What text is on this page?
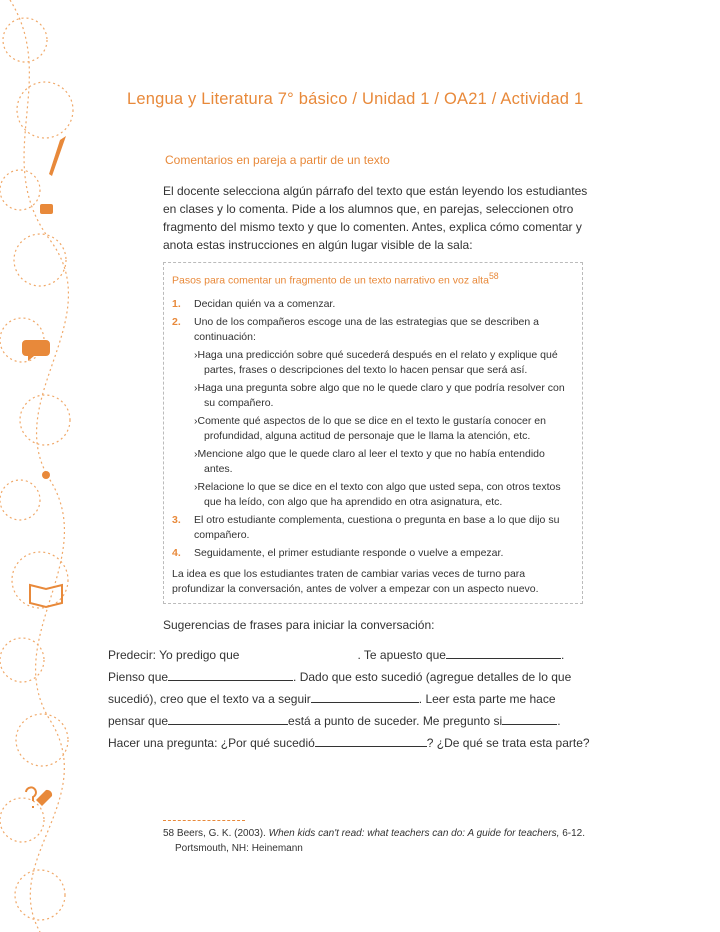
Lengua y Literatura 7° básico / Unidad 1 / OA21 / Actividad 1
Comentarios en pareja a partir de un texto
El docente selecciona algún párrafo del texto que están leyendo los estudiantes en clases y lo comenta. Pide a los alumnos que, en parejas, seleccionen otro fragmento del mismo texto y que lo comenten. Antes, explica cómo comentar y anota estas instrucciones en algún lugar visible de la sala:
Pasos para comentar un fragmento de un texto narrativo en voz alta$^{58}$
1.	Decidan quién va a comenzar.
2.	Uno de los compañeros escoge una de las estrategias que se describen a continuación:
›Haga una predicción sobre qué sucederá después en el relato y explique qué partes, frases o descripciones del texto lo hacen pensar que será así.
›Haga una pregunta sobre algo que no le quede claro y que podría resolver con su compañero.
›Comente qué aspectos de lo que se dice en el texto le gustaría conocer en profundidad, alguna actitud de personaje que le llama la atención, etc.
›Mencione algo que le quede claro al leer el texto y que no había entendido antes.
›Relacione lo que se dice en el texto con algo que usted sepa, con otros textos que ha leído, con algo que ha aprendido en otra asignatura, etc.
3.	El otro estudiante complementa, cuestiona o pregunta en base a lo que dijo su compañero.
4.	Seguidamente, el primer estudiante responde o vuelve a empezar.
La idea es que los estudiantes traten de cambiar varias veces de turno para profundizar la conversación, antes de volver a empezar con un aspecto nuevo.
Sugerencias de frases para iniciar la conversación:
Predecir: Yo predigo que	. Te apuesto que	.
Pienso que	. Dado que esto sucedió (agregue detalles de lo que
sucedió), creo que el texto va a seguir	. Leer esta parte me hace
pensar que	está a punto de suceder. Me pregunto si	.
Hacer una pregunta: ¿Por qué sucedió	? ¿De qué se trata esta parte?
58 Beers, G. K. (2003). When kids can't read: what teachers can do: A guide for teachers, 6-12.
Portsmouth, NH: Heinemann
